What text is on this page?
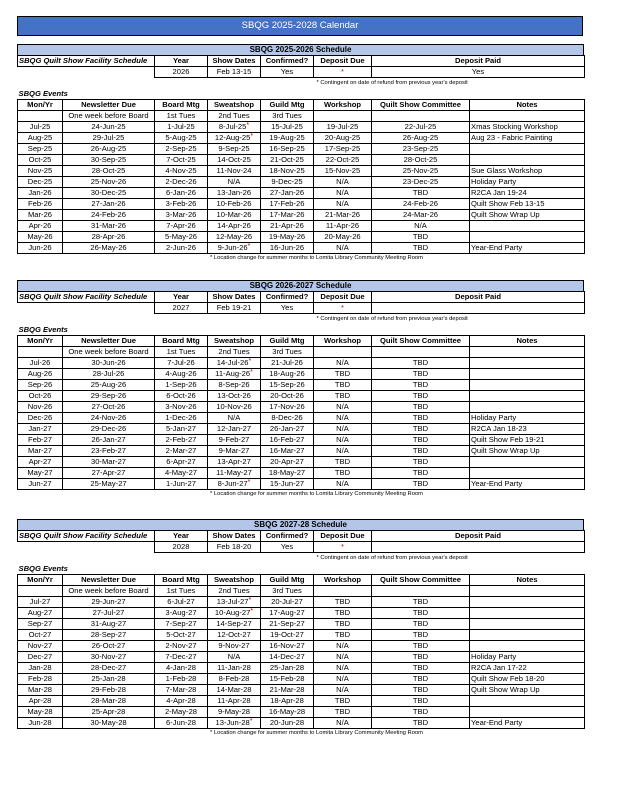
SBQG 2025-2028 Calendar
SBQG 2025-2026 Schedule
SBQG Quilt Show Facility Schedule	Year	Show Dates	Confirmed?	Deposit Due	Deposit Paid	
	2026	Feb 13-15	Yes	*	Yes	
				* Contingent on date of refund from previous year's deposit		
SBQG Events							
Mon/Yr	Newsletter Due	Board Mtg	Sweatshop	Guild Mtg	Workshop	Quilt Show Committee	Notes
	One week before Board	1st Tues	2nd Tues	3rd Tues			
Jul-25	24-Jun-25	1-Jul-25	8-Jul-25*	15-Jul-25	19-Jul-25	22-Jul-25	Xmas Stocking Workshop
Aug-25	29-Jul-25	5-Aug-25	12-Aug-25*	19-Aug-25	20-Aug-25	26-Aug-25	Aug 23 - Fabric Painting
Sep-25	26-Aug-25	2-Sep-25	9-Sep-25	16-Sep-25	17-Sep-25	23-Sep-25	
Oct-25	30-Sep-25	7-Oct-25	14-Oct-25	21-Oct-25	22-Oct-25	28-Oct-25	
Nov-25	28-Oct-25	4-Nov-25	11-Nov-24	18-Nov-25	15-Nov-25	25-Nov-25	Sue Glass Workshop
Dec-25	25-Nov-26	2-Dec-26	N/A	9-Dec-25	N/A	23-Dec-25	Holiday Party
Jan-26	30-Dec-25	6-Jan-26	13-Jan-26	27-Jan-26	N/A	TBD	R2CA Jan 19-24
Feb-26	27-Jan-26	3-Feb-26	10-Feb-26	17-Feb-26	N/A	24-Feb-26	Quilt Show Feb 13-15
Mar-26	24-Feb-26	3-Mar-26	10-Mar-26	17-Mar-26	21-Mar-26	24-Mar-26	Quilt Show Wrap Up
Apr-26	31-Mar-26	7-Apr-26	14-Apr-26	21-Apr-26	11-Apr-26	N/A	
May-26	28-Apr-26	5-May-26	12-May-26	19-May-26	20-May-26	TBD	
Jun-26	26-May-26	2-Jun-26	9-Jun-26*	16-Jun-26	N/A	TBD	Year-End Party
* Location change for summer months to Lomita Library Community Meeting Room
SBQG 2026-2027 Schedule
SBQG Quilt Show Facility Schedule	Year	Show Dates	Confirmed?	Deposit Due	Deposit Paid	
	2027	Feb 19-21	Yes	*		
				* Contingent on date of refund from previous year's deposit		
SBQG Events							
Mon/Yr	Newsletter Due	Board Mtg	Sweatshop	Guild Mtg	Workshop	Quilt Show Committee	Notes
	One week before Board	1st Tues	2nd Tues	3rd Tues			
Jul-26	30-Jun-26	7-Jul-26	14-Jul-26*	21-Jul-26	N/A	TBD	
Aug-26	28-Jul-26	4-Aug-26	11-Aug-26*	18-Aug-26	TBD	TBD	
Sep-26	25-Aug-26	1-Sep-26	8-Sep-26	15-Sep-26	TBD	TBD	
Oct-26	29-Sep-26	6-Oct-26	13-Oct-26	20-Oct-26	TBD	TBD	
Nov-26	27-Oct-26	3-Nov-26	10-Nov-26	17-Nov-26	N/A	TBD	
Dec-26	24-Nov-26	1-Dec-26	N/A	8-Dec-26	N/A	TBD	Holiday Party
Jan-27	29-Dec-26	5-Jan-27	12-Jan-27	26-Jan-27	N/A	TBD	R2CA Jan 18-23
Feb-27	26-Jan-27	2-Feb-27	9-Feb-27	16-Feb-27	N/A	TBD	Quilt Show Feb 19-21
Mar-27	23-Feb-27	2-Mar-27	9-Mar-27	16-Mar-27	N/A	TBD	Quilt Show Wrap Up
Apr-27	30-Mar-27	6-Apr-27	13-Apr-27	20-Apr-27	TBD	TBD	
May-27	27-Apr-27	4-May-27	11-May-27	18-May-27	TBD	TBD	
Jun-27	25-May-27	1-Jun-27	8-Jun-27*	15-Jun-27	N/A	TBD	Year-End Party
* Location change for summer months to Lomita Library Community Meeting Room
SBQG 2027-28 Schedule
SBQG Quilt Show Facility Schedule	Year	Show Dates	Confirmed?	Deposit Due	Deposit Paid	
	2028	Feb 18-20	Yes	*		
				* Contingent on date of refund from previous year's deposit		
SBQG Events							
Mon/Yr	Newsletter Due	Board Mtg	Sweatshop	Guild Mtg	Workshop	Quilt Show Committee	Notes
	One week before Board	1st Tues	2nd Tues	3rd Tues			
Jul-27	29-Jun-27	6-Jul-27	13-Jul-27*	20-Jul-27	TBD	TBD	
Aug-27	27-Jul-27	3-Aug-27	10-Aug-27*	17-Aug-27	TBD	TBD	
Sep-27	31-Aug-27	7-Sep-27	14-Sep-27	21-Sep-27	TBD	TBD	
Oct-27	28-Sep-27	5-Oct-27	12-Oct-27	19-Oct-27	TBD	TBD	
Nov-27	26-Oct-27	2-Nov-27	9-Nov-27	16-Nov-27	N/A	TBD	
Dec-27	30-Nov-27	7-Dec-27	N/A	14-Dec-27	N/A	TBD	Holiday Party
Jan-28	28-Dec-27	4-Jan-28	11-Jan-28	25-Jan-28	N/A	TBD	R2CA Jan 17-22
Feb-28	25-Jan-28	1-Feb-28	8-Feb-28	15-Feb-28	N/A	TBD	Quilt Show Feb 18-20
Mar-28	29-Feb-28	7-Mar-28	14-Mar-28	21-Mar-28	N/A	TBD	Quilt Show Wrap Up
Apr-28	28-Mar-28	4-Apr-28	11-Apr-28	18-Apr-28	TBD	TBD	
May-28	25-Apr-28	2-May-28	9-May-28	16-May-28	TBD	TBD	
Jun-28	30-May-28	6-Jun-28	13-Jun-28*	20-Jun-28	N/A	TBD	Year-End Party
* Location change for summer months to Lomita Library Community Meeting Room
